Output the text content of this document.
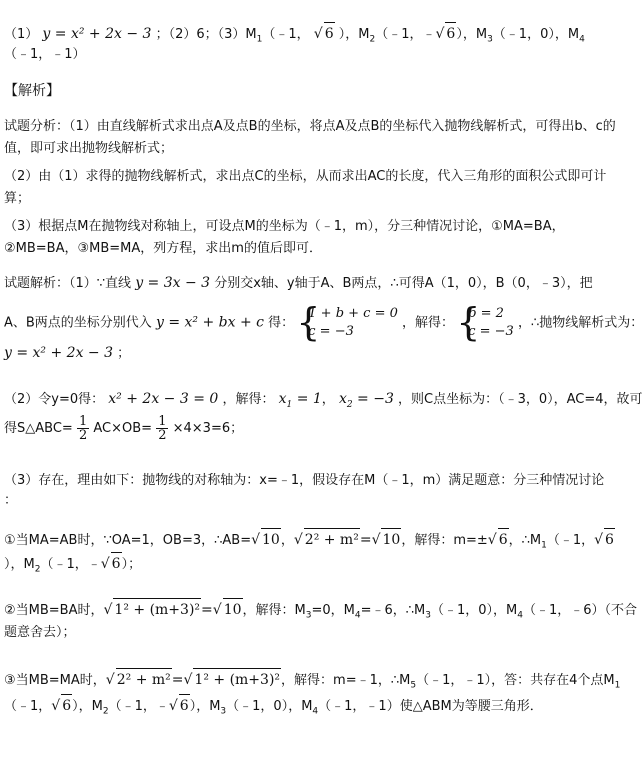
（1） y = x² + 2x − 3 ；（2）6；$(3)M_1(﹣1$， √ 6 ），$M_2(﹣1$，﹣√ 6），$M_3(﹣1$，0），$M_4$
（﹣1，﹣1）
【解析】
试题分析：（1）由直线解析式求出点A及点B的坐标，将点A及点B的坐标代入抛物线解析式，可得出b、c的值，即可求出抛物线解析式；
（2）由（1）求得的抛物线解析式，求出点C的坐标，从而求出AC的长度，代入三角形的面积公式即可计算；
（3）根据点M在抛物线对称轴上，可设点M的坐标为（﹣1，m），分三种情况讨论，①MA=BA，②MB=BA，③MB=MA，列方程，求出m的值后即可．
试题解析：（1）∵直线 y = 3x − 3 分别交x轴、y轴于A、B两点，∴可得A（1，0），B（0，﹣3），把
A、B两点的坐标分别代入 y = x² + bx + c 得：
{ 1 + b + c = 0
c = −3
，解得：
{ b = 2
c = −3
，∴抛物线解析式为：
y = x² + 2x − 3 ；
（2）令y=0得： x² + 2x − 3 = 0 ，解得： $x_1 = 1$， $x_2 = -3$ ，则C点坐标为：（﹣3，0），AC=4，故可
得S△ABC= $\frac{1}{2} AC\times OB= \frac{1}{2} \times 4\times 3=6$；
（3）存在，理由如下：抛物线的对称轴为：x=﹣1，假设存在M（﹣1，m）满足题意：分三种情况讨论
：
①当MA=AB时，∵OA=1，OB=3，∴AB=√ 10，√ 2² + m²=√ 10，解得：m=±√ 6，$\therefore M_1(﹣1$，√ 6
），$M_2(﹣1$，﹣√ 6）；
②当MB=BA时，√ 1² + (m+3)²=√ 10，解得：$M_3=0$，$M_4=﹣6$，$\therefore M_3(﹣1$，0），$M_4(﹣1$，﹣6）（不合
题意舍去）；
③当MB=MA时，√ 2² + m²=√ 1² + (m+3)²，解得：m=﹣1，$\therefore M_5(﹣1$，﹣1），答：共存在4个点$M_1$
（﹣1，√ 6），$M_2(﹣1$，﹣√ 6），$M_3(﹣1$，0），$M_4(﹣1$，﹣1）使△ABM为等腰三角形．
